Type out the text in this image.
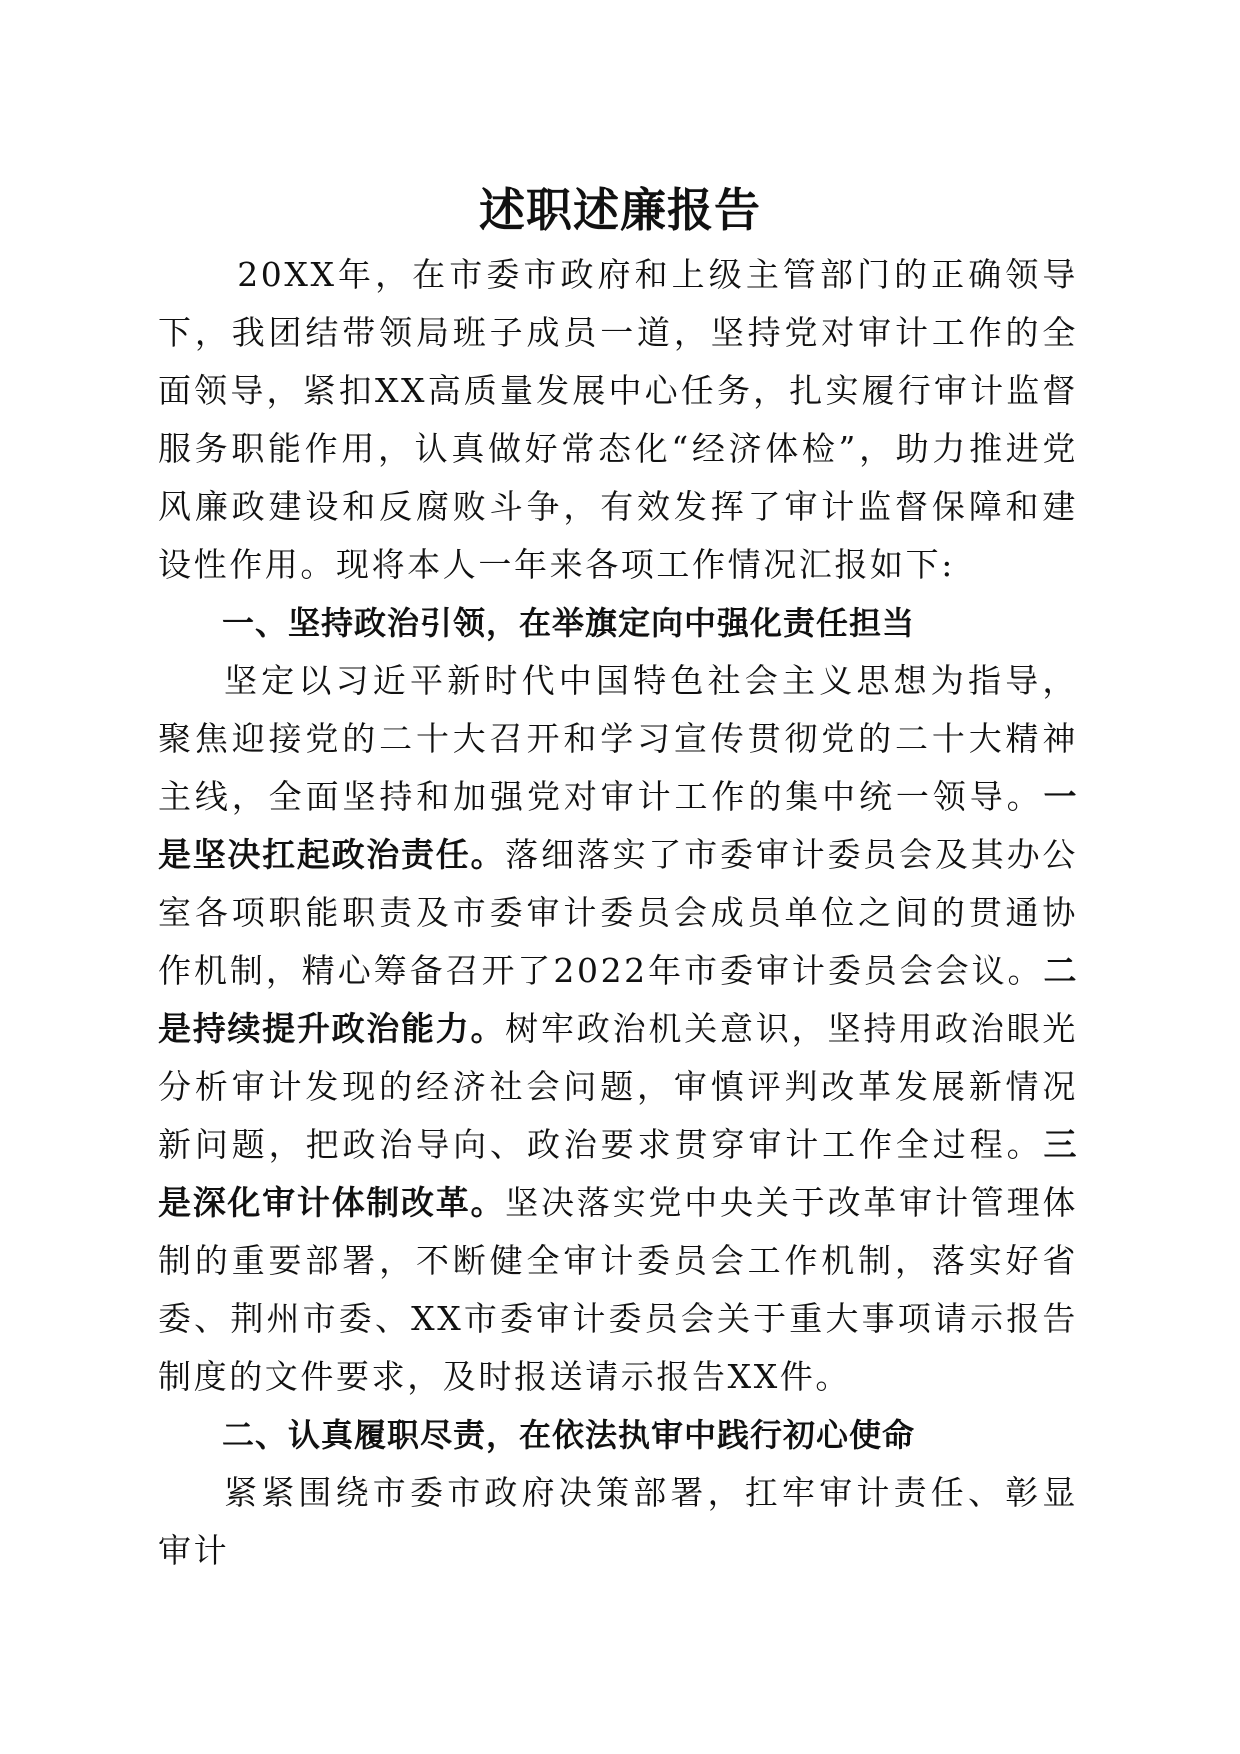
述职述廉报告

20XX年，在市委市政府和上级主管部门的正确领导下，我团结带领局班子成员一道，坚持党对审计工作的全面领导，紧扣XX高质量发展中心任务，扎实履行审计监督服务职能作用，认真做好常态化“经济体检”，助力推进党风廉政建设和反腐败斗争，有效发挥了审计监督保障和建设性作用。现将本人一年来各项工作情况汇报如下:

一、坚持政治引领，在举旗定向中强化责任担当

坚定以习近平新时代中国特色社会主义思想为指导，聚焦迎接党的二十大召开和学习宣传贯彻党的二十大精神主线，全面坚持和加强党对审计工作的集中统一领导。一是坚决扛起政治责任。落细落实了市委审计委员会及其办公室各项职能职责及市委审计委员会成员单位之间的贯通协作机制，精心筹备召开了2022年市委审计委员会会议。二是持续提升政治能力。树牢政治机关意识，坚持用政治眼光分析审计发现的经济社会问题，审慎评判改革发展新情况新问题，把政治导向、政治要求贯穿审计工作全过程。三是深化审计体制改革。坚决落实党中央关于改革审计管理体制的重要部署，不断健全审计委员会工作机制，落实好省委、荆州市委、XX市委审计委员会关于重大事项请示报告制度的文件要求，及时报送请示报告XX件。

二、认真履职尽责，在依法执审中践行初心使命

紧紧围绕市委市政府决策部署，扛牢审计责任、彰显审计
